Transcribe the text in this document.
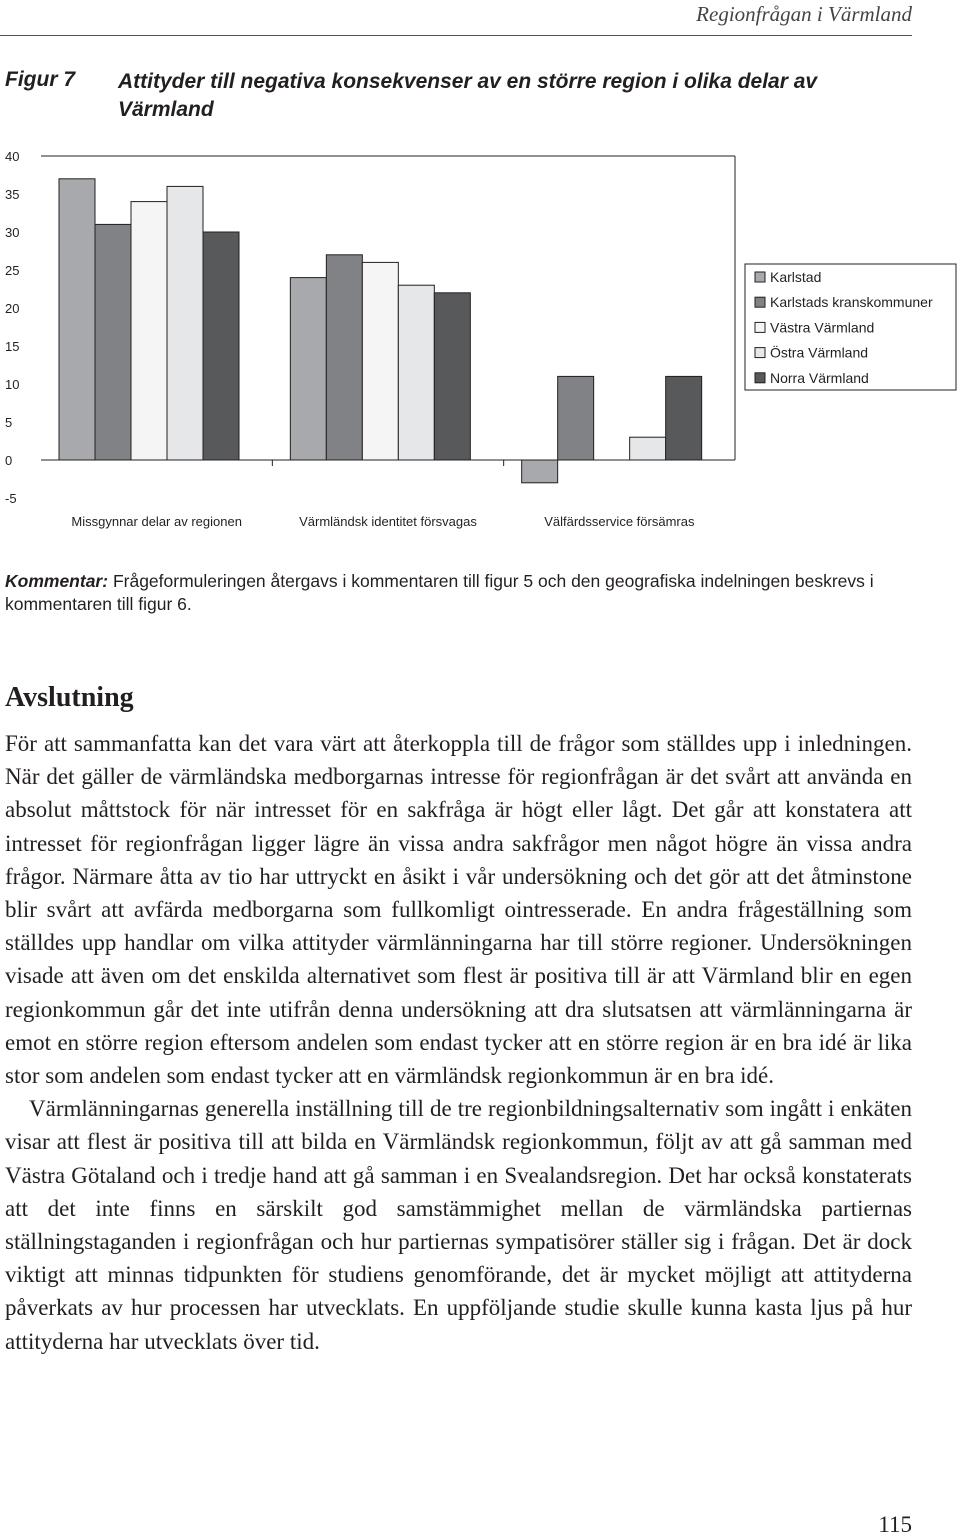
Regionfrågan i Värmland
Figur 7 Attityder till negativa konsekvenser av en större region i olika delar av Värmland
40
35
30
25
20
15
10
5
0
-5
Missgynnar delar av regionen	Värmländsk identitet försvagas	Välfärdsservice försämras
Karlstad
Karlstads kranskommuner
Västra Värmland
Östra Värmland
Norra Värmland
Kommentar: Frågeformuleringen återgavs i kommentaren till figur 5 och den geografiska indelningen beskrevs i kommentaren till figur 6.
Avslutning

För att sammanfatta kan det vara värt att återkoppla till de frågor som ställdes upp i inledningen. När det gäller de värmländska medborgarnas intresse för regionfrågan är det svårt att använda en absolut måttstock för när intresset för en sakfråga är högt eller lågt. Det går att konstatera att intresset för regionfrågan ligger lägre än vissa andra sakfrågor men något högre än vissa andra frågor. Närmare åtta av tio har uttryckt en åsikt i vår undersökning och det gör att det åtminstone blir svårt att avfärda medborgarna som fullkomligt ointresserade. En andra frågeställning som ställdes upp handlar om vilka attityder värmlänningarna har till större regioner. Undersökningen visade att även om det enskilda alternativet som flest är positiva till är att Värmland blir en egen regionkommun går det inte utifrån denna undersökning att dra slutsatsen att värmlänningarna är emot en större region eftersom andelen som endast tycker att en större region är en bra idé är lika stor som andelen som endast tycker att en värmländsk regionkommun är en bra idé.

Värmlänningarnas generella inställning till de tre regionbildningsalternativ som ingått i enkäten visar att flest är positiva till att bilda en Värmländsk regionkommun, följt av att gå samman med Västra Götaland och i tredje hand att gå samman i en Svealandsregion. Det har också konstaterats att det inte finns en särskilt god samstämmighet mellan de värmländska partiernas ställningstaganden i regionfrågan och hur partiernas sympatisörer ställer sig i frågan. Det är dock viktigt att minnas tidpunkten för studiens genomförande, det är mycket möjligt att attityderna påverkats av hur processen har utvecklats. En uppföljande studie skulle kunna kasta ljus på hur attityderna har utvecklats över tid.

115
